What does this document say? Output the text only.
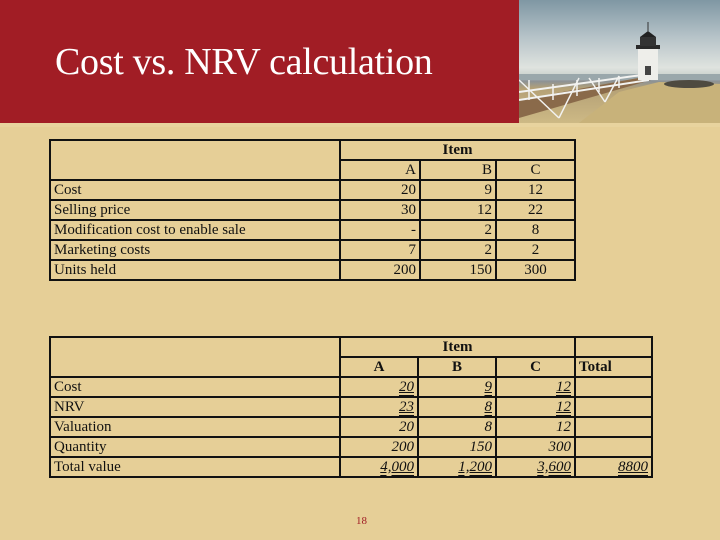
Cost vs. NRV calculation
	Item		
	A	B	C
Cost	20	9	12
Selling price	30	12	22
Modification cost to enable sale	-	2	8
Marketing costs	7	2	2
Units held	200	150	300
	Item			
	A	B	C	Total
Cost	20	9	12	
NRV	23	8	12	
Valuation	20	8	12	
Quantity	200	150	300	
Total value	4,000	1,200	3,600	8800
18
